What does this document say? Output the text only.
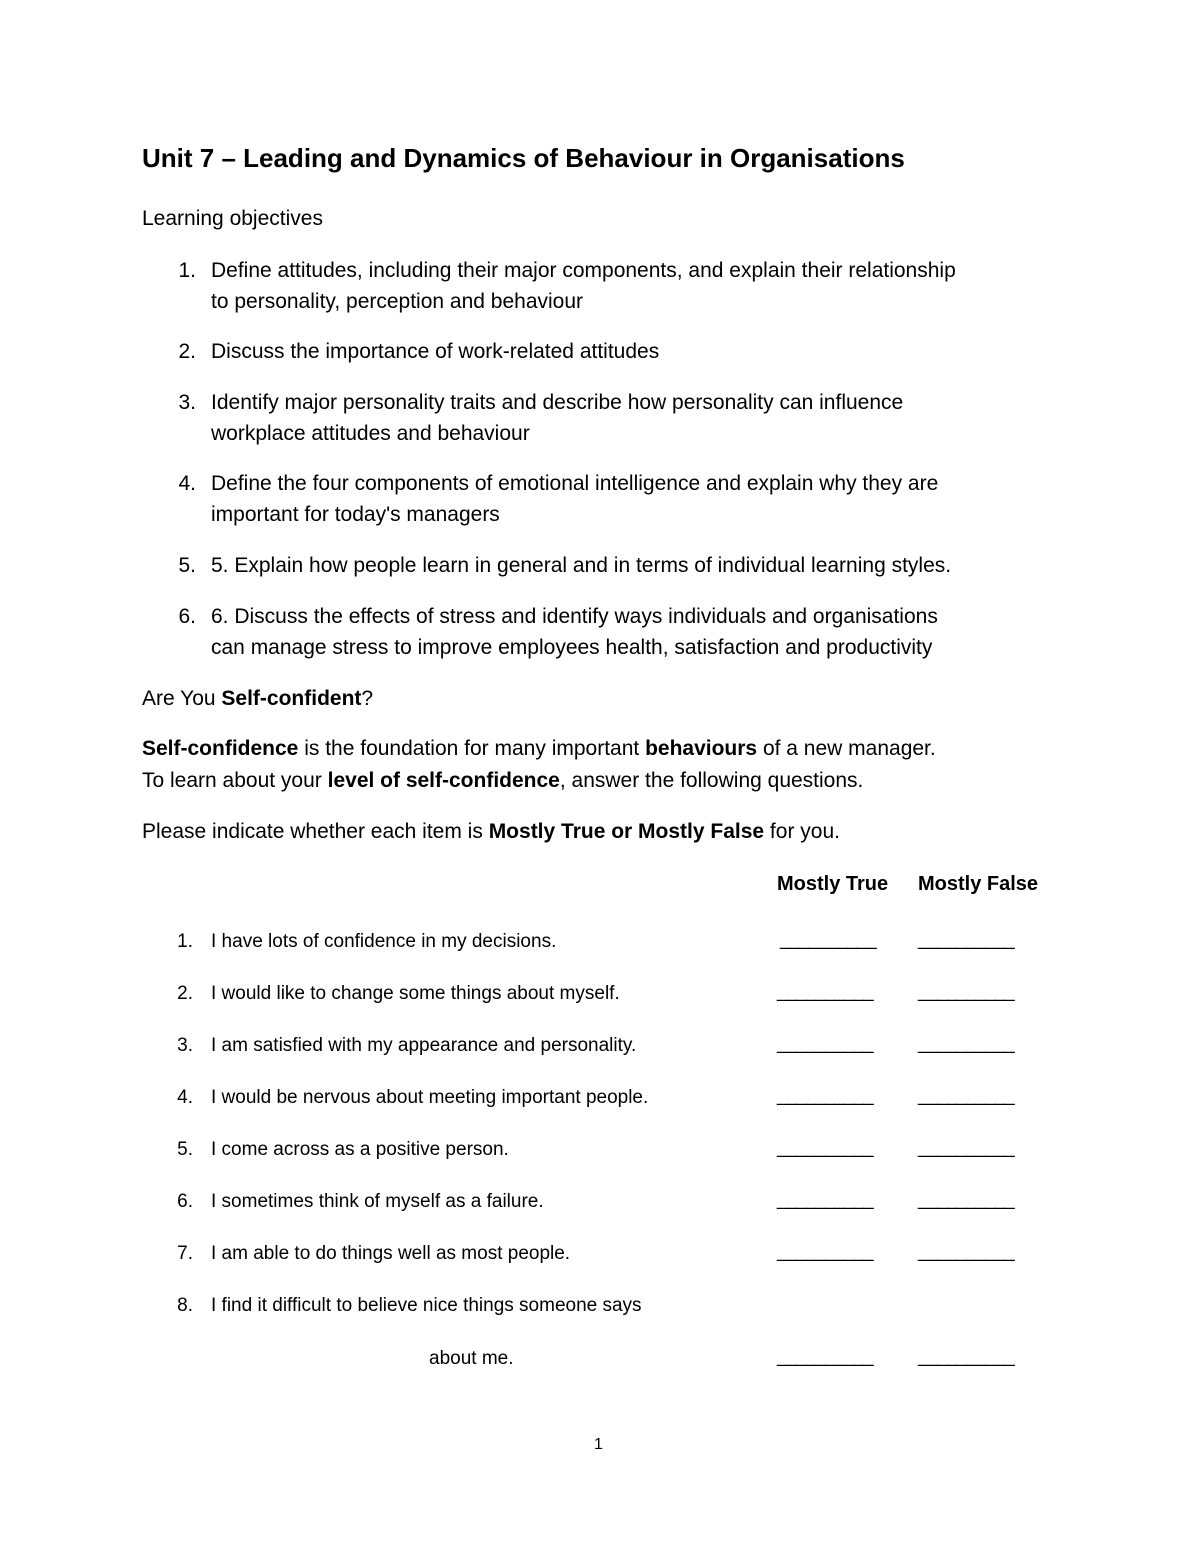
Unit 7 – Leading and Dynamics of Behaviour in Organisations
Learning objectives
1. Define attitudes, including their major components, and explain their relationship
to personality, perception and behaviour
2. Discuss the importance of work-related attitudes
3. Identify major personality traits and describe how personality can influence
workplace attitudes and behaviour
4. Define the four components of emotional intelligence and explain why they are
important for today's managers
5. 5. Explain how people learn in general and in terms of individual learning styles.
6. 6. Discuss the effects of stress and identify ways individuals and organisations
can manage stress to improve employees health, satisfaction and productivity
Are You Self-confident?
Self-confidence is the foundation for many important behaviours of a new manager.
To learn about your level of self-confidence, answer the following questions.
Please indicate whether each item is Mostly True or Mostly False for you.
Mostly True Mostly False
1. I have lots of confidence in my decisions.	__________ __________
2. I would like to change some things about myself.	__________ __________
3. I am satisfied with my appearance and personality.	__________ __________
4. I would be nervous about meeting important people.	__________ __________
5. I come across as a positive person.	__________ __________
6. I sometimes think of myself as a failure.	__________ __________
7. I am able to do things well as most people.	__________ __________
8. I find it difficult to believe nice things someone says
about me.	__________ __________
1
